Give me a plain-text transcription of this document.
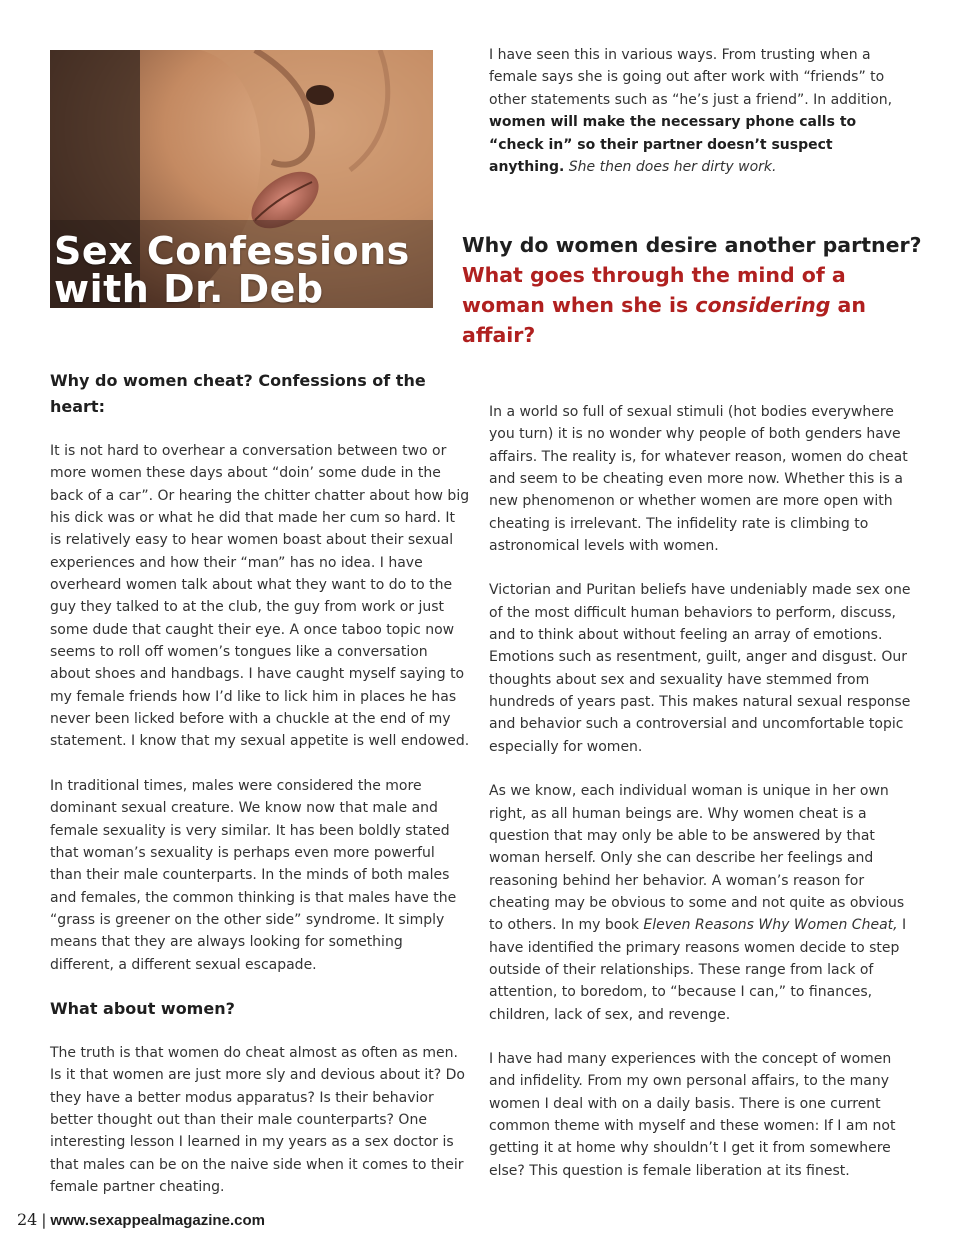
Sex Confessions
with Dr. Deb

I have seen this in various ways. From trusting when a female says she is going out after work with “friends” to other statements such as “he’s just a friend”. In addition, women will make the necessary phone calls to “check in” so their partner doesn’t suspect anything. She then does her dirty work.

Why do women desire another partner?
What goes through the mind of a woman when she is considering an affair?
Why do women cheat? Confessions of the heart:

It is not hard to overhear a conversation between two or more women these days about “doin’ some dude in the back of a car”. Or hearing the chitter chatter about how big his dick was or what he did that made her cum so hard. It is relatively easy to hear women boast about their sexual experiences and how their “man” has no idea. I have overheard women talk about what they want to do to the guy they talked to at the club, the guy from work or just some dude that caught their eye. A once taboo topic now seems to roll off women’s tongues like a conversation about shoes and handbags. I have caught myself saying to my female friends how I’d like to lick him in places he has never been licked before with a chuckle at the end of my statement. I know that my sexual appetite is well endowed.

In traditional times, males were considered the more dominant sexual creature. We know now that male and female sexuality is very similar. It has been boldly stated that woman’s sexuality is perhaps even more powerful than their male counterparts. In the minds of both males and females, the common thinking is that males have the “grass is greener on the other side” syndrome. It simply means that they are always looking for something different, a different sexual escapade.

What about women?

The truth is that women do cheat almost as often as men. Is it that women are just more sly and devious about it? Do they have a better modus apparatus? Is their behavior better thought out than their male counterparts? One interesting lesson I learned in my years as a sex doctor is that males can be on the naive side when it comes to their female partner cheating.

In a world so full of sexual stimuli (hot bodies everywhere you turn) it is no wonder why people of both genders have affairs. The reality is, for whatever reason, women do cheat and seem to be cheating even more now. Whether this is a new phenomenon or whether women are more open with cheating is irrelevant. The infidelity rate is climbing to astronomical levels with women.

Victorian and Puritan beliefs have undeniably made sex one of the most difficult human behaviors to perform, discuss, and to think about without feeling an array of emotions. Emotions such as resentment, guilt, anger and disgust. Our thoughts about sex and sexuality have stemmed from hundreds of years past. This makes natural sexual response and behavior such a controversial and uncomfortable topic especially for women.

As we know, each individual woman is unique in her own right, as all human beings are. Why women cheat is a question that may only be able to be answered by that woman herself. Only she can describe her feelings and reasoning behind her behavior. A woman’s reason for cheating may be obvious to some and not quite as obvious to others. In my book Eleven Reasons Why Women Cheat, I have identified the primary reasons women decide to step outside of their relationships. These range from lack of attention, to boredom, to “because I can,” to finances, children, lack of sex, and revenge.

I have had many experiences with the concept of women and infidelity. From my own personal affairs, to the many women I deal with on a daily basis. There is one current common theme with myself and these women: If I am not getting it at home why shouldn’t I get it from somewhere else? This question is female liberation at its finest.

24 | www.sexappealmagazine.com
